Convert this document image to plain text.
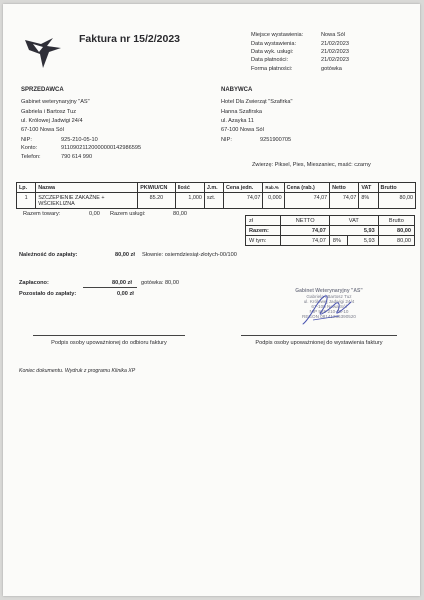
Faktura nr 15/2/2023	Miejsce wystawienia:	Nowa Sól
Data wystawienia:	21/02/2023
Data wyk. usługi:	21/02/2023
Data płatności:	21/02/2023
Forma płatności:	gotówka
SPRZEDAWCA
Gabinet weterynaryjny "AS"
Gabriela i Bartosz Tuz
ul. Królowej Jadwigi 24/4
67-100 Nowa Sól
NIP:	925-210-05-10
Konto:	91109021120000000142986595
Telefon:	790 614 990
NABYWCA
Hotel Dla Zwierząt "Szafirka"
Hanna Szafirska
ul. Azayka 11
67-100 Nowa Sól
NIP:	9251900705
Zwierzę: Piksel, Pies, Mieszaniec, maść: czarny
Lp.	Nazwa	PKWiU/CN	Ilość	J.m.	Cena jedn.	Rab.%	Cena (rab.)	Netto	VAT	Brutto
1	SZCZEPIENIE ZAKAŹNE + WŚCIEKLIZNA	85.20	1,000	szt.	74,07	0,000	74,07	74,07	8%	80,00
Razem towary:	0,00 Razem usługi:	80,00
zł	NETTO	VAT		Brutto
Razem:	74,07	5,93		80,00
W tym:	74,07	8%	5,93	80,00
Należność do zapłaty:	80,00 zł Słownie: osiemdziesiąt-złotych-00/100
Zapłacono:	80,00 zł gotówka: 80,00
Pozostało do zapłaty:	0,00 zł	Gabinet Weterynaryjny "AS"
Gabriela i Bartosz Tuz
ul. Królowej Jadwigi 24/4
67-100 Nowa Sól
NIP 925-210-05-10
REGON 08141236390520
Podpis osoby upoważnionej do odbioru faktury	Podpis osoby upoważnionej do wystawienia faktury
Koniec dokumentu. Wydruk z programu Klinika XP
